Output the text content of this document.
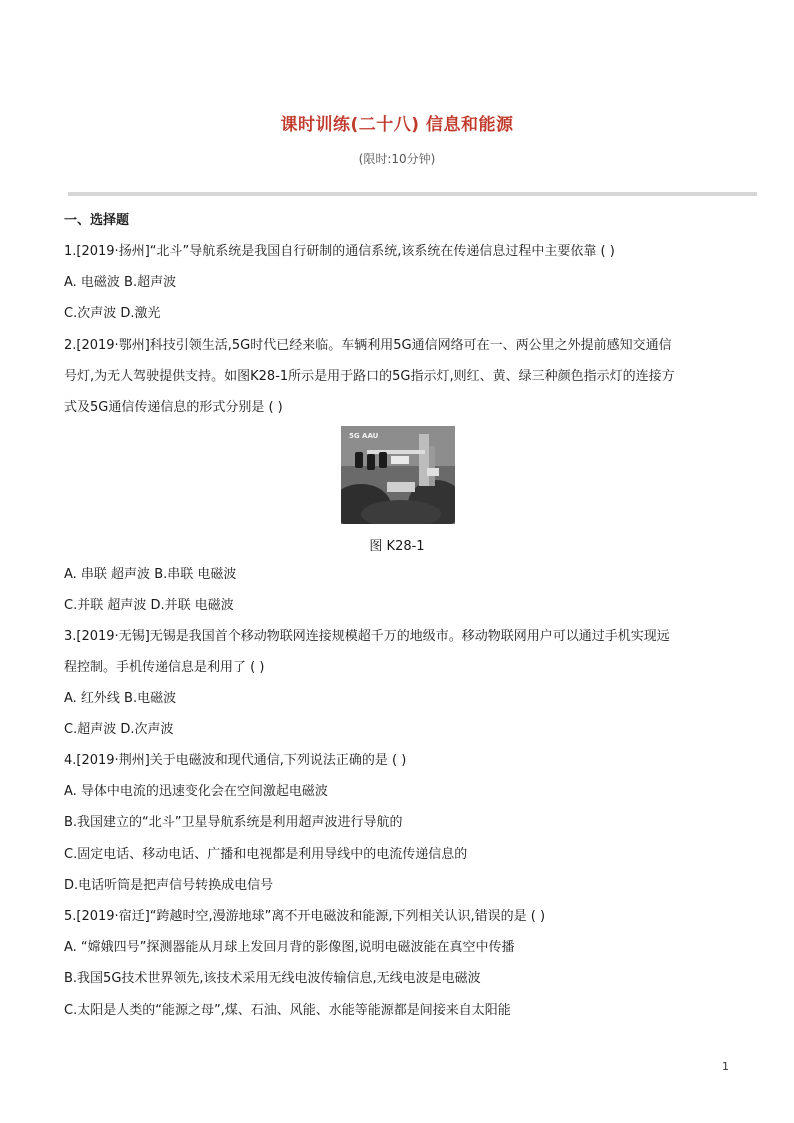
课时训练(二十八) 信息和能源
(限时:10分钟)
一、选择题
1.[2019·扬州]“北斗”导航系统是我国自行研制的通信系统,该系统在传递信息过程中主要依靠 ( )
A. 电磁波 B.超声波
C.次声波 D.激光
2.[2019·鄂州]科技引领生活,5G时代已经来临。车辆利用5G通信网络可在一、两公里之外提前感知交通信
号灯,为无人驾驶提供支持。如图K28-1所示是用于路口的5G指示灯,则红、黄、绿三种颜色指示灯的连接方
式及5G通信传递信息的形式分别是 ( )
5G AAU
图 K28-1
A. 串联 超声波 B.串联 电磁波
C.并联 超声波 D.并联 电磁波
3.[2019·无锡]无锡是我国首个移动物联网连接规模超千万的地级市。移动物联网用户可以通过手机实现远
程控制。手机传递信息是利用了 ( )
A. 红外线 B.电磁波
C.超声波 D.次声波
4.[2019·荆州]关于电磁波和现代通信,下列说法正确的是 ( )
A. 导体中电流的迅速变化会在空间激起电磁波
B.我国建立的“北斗”卫星导航系统是利用超声波进行导航的
C.固定电话、移动电话、广播和电视都是利用导线中的电流传递信息的
D.电话听筒是把声信号转换成电信号
5.[2019·宿迁]“跨越时空,漫游地球”离不开电磁波和能源,下列相关认识,错误的是 ( )
A. “嫦娥四号”探测器能从月球上发回月背的影像图,说明电磁波能在真空中传播
B.我国5G技术世界领先,该技术采用无线电波传输信息,无线电波是电磁波
C.太阳是人类的“能源之母”,煤、石油、风能、水能等能源都是间接来自太阳能
1
